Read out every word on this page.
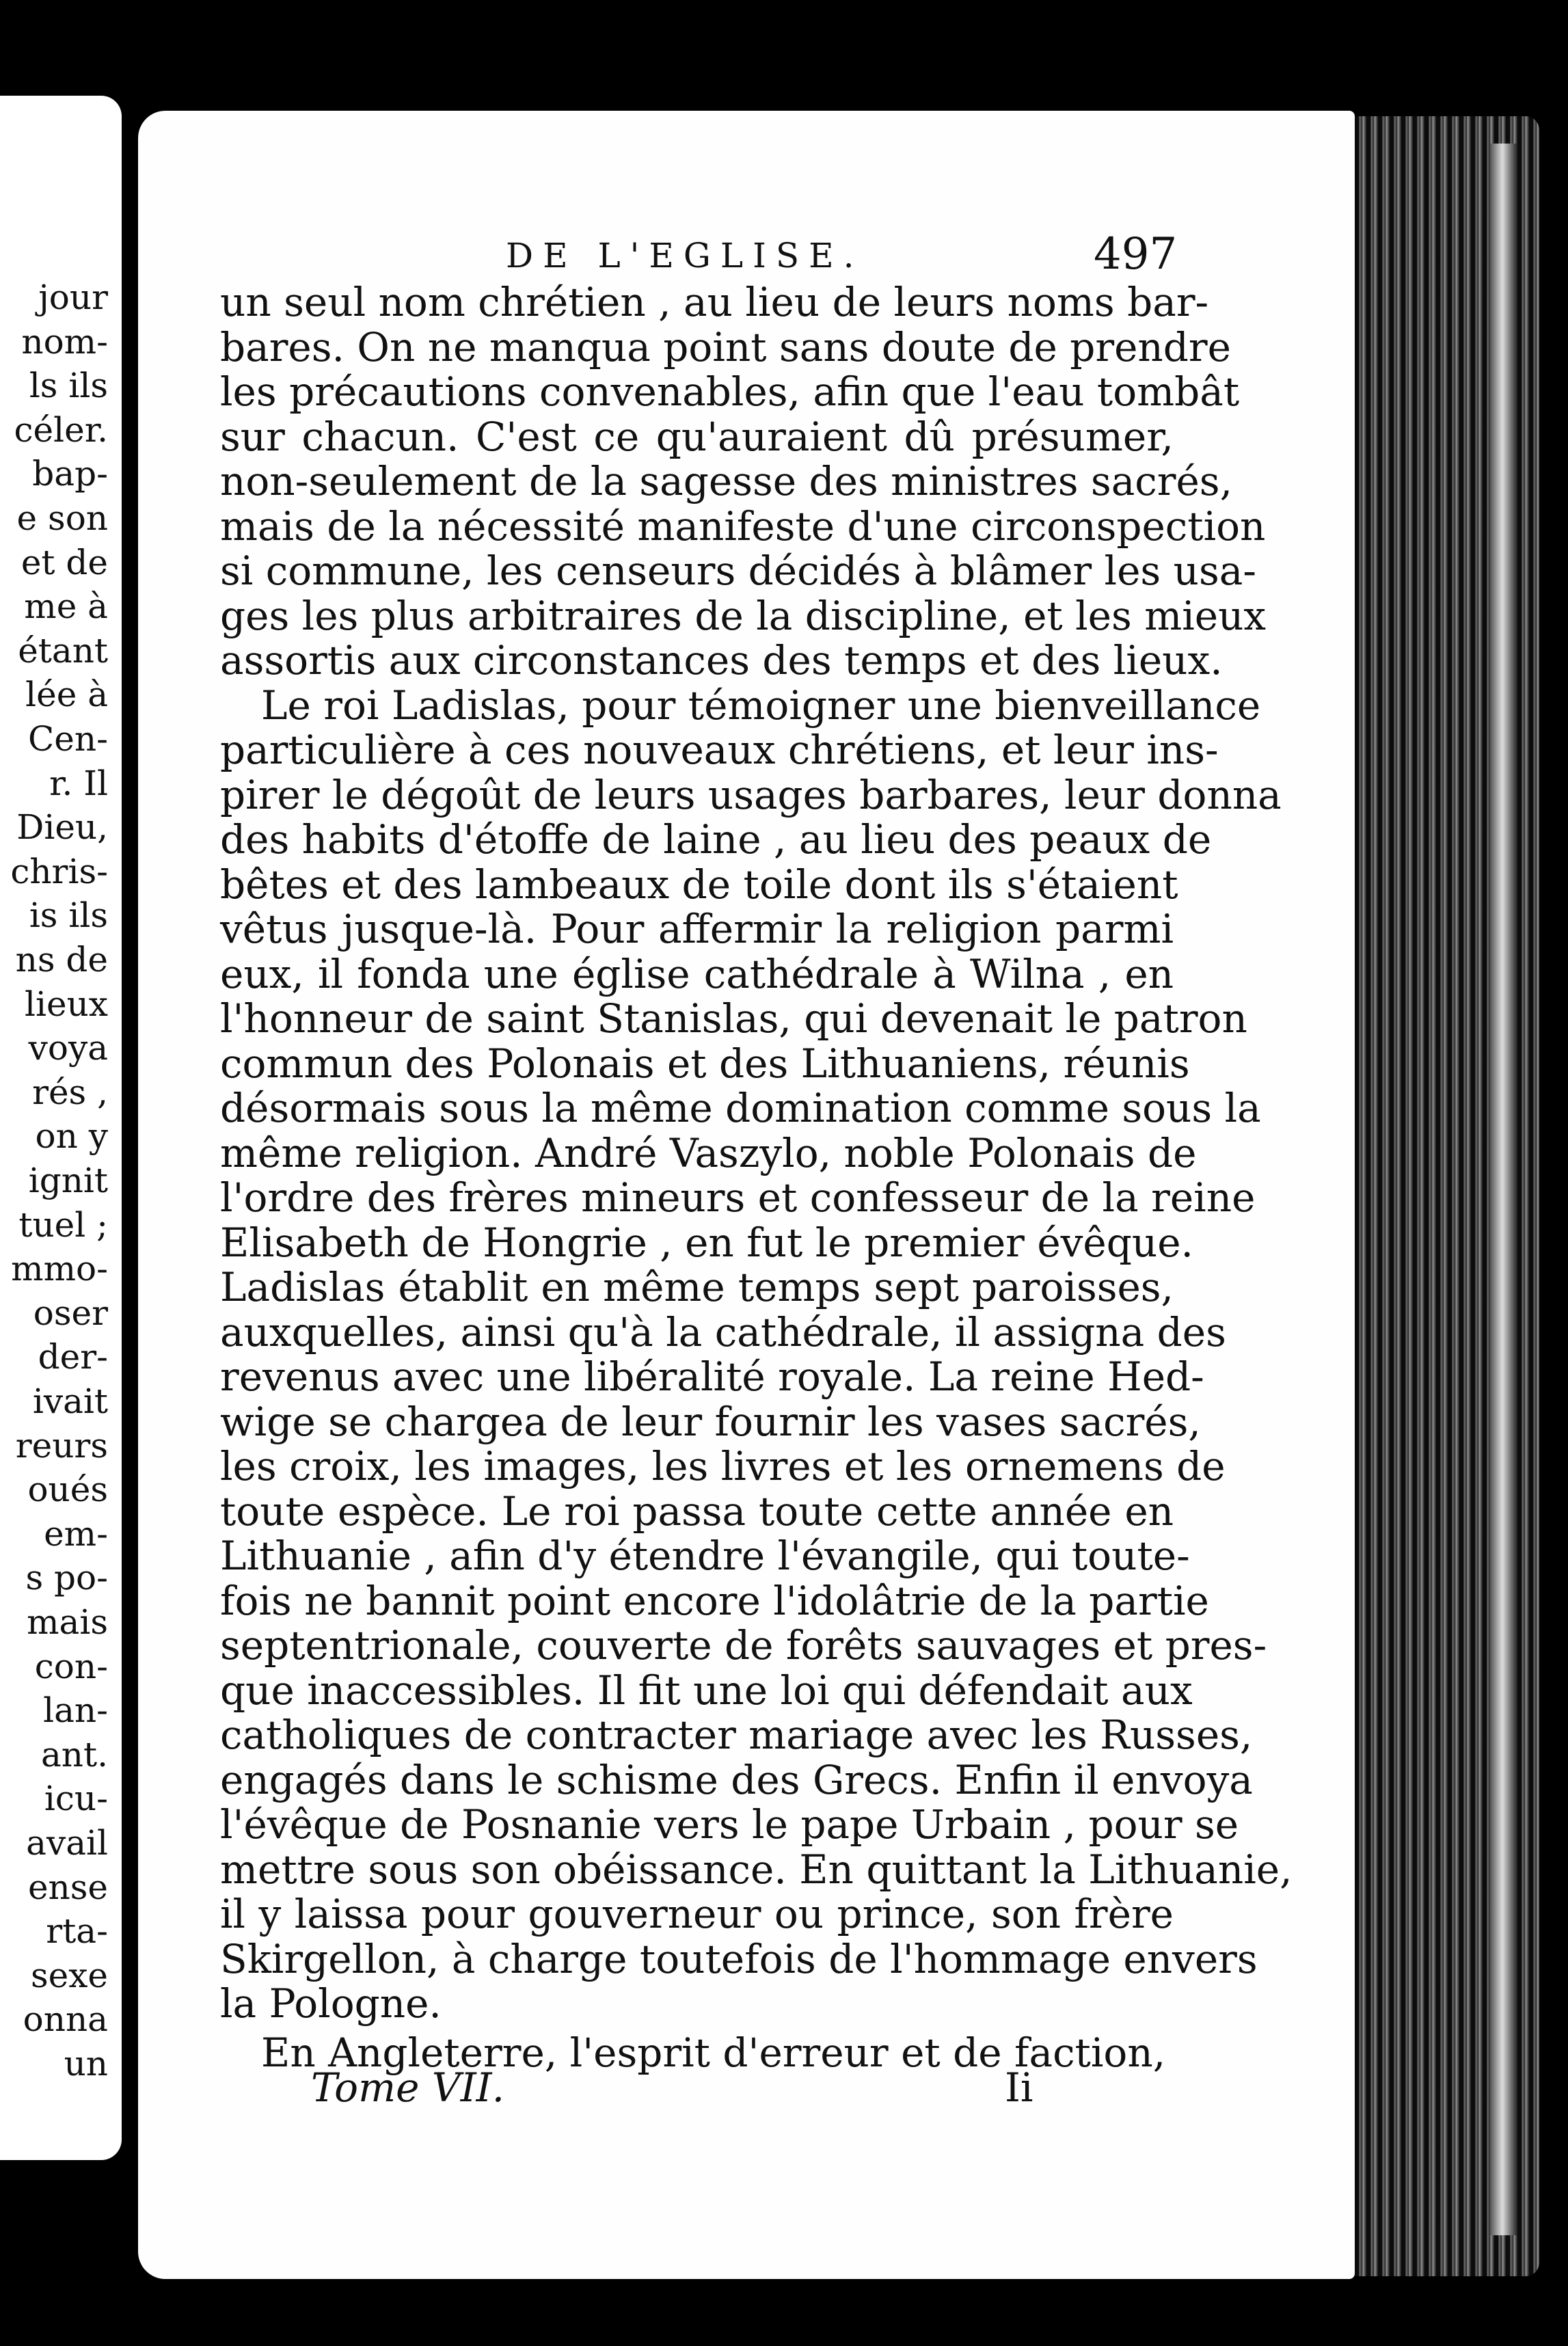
jour
nom-
ls ils
céler.
bap-
e son
et de
me à
étant
lée à
Cen-
r. Il
Dieu,
chris-
is ils
ns de
lieux
voya
rés ,
on y
ignit
tuel ;
mmo-
oser
der-
ivait
reurs
oués
em-
s po-
mais
con-
lan-
ant.
icu-
avail
ense
rta-
sexe
onna
un
DE L'EGLISE.	497
un seul nom chrétien , au lieu de leurs noms bar-
bares. On ne manqua point sans doute de prendre
les précautions convenables, afin que l'eau tombât
sur chacun. C'est ce qu'auraient dû présumer,
non-seulement de la sagesse des ministres sacrés,
mais de la nécessité manifeste d'une circonspection
si commune, les censeurs décidés à blâmer les usa-
ges les plus arbitraires de la discipline, et les mieux
assortis aux circonstances des temps et des lieux.
Le roi Ladislas, pour témoigner une bienveillance
particulière à ces nouveaux chrétiens, et leur ins-
pirer le dégoût de leurs usages barbares, leur donna
des habits d'étoffe de laine , au lieu des peaux de
bêtes et des lambeaux de toile dont ils s'étaient
vêtus jusque-là. Pour affermir la religion parmi
eux, il fonda une église cathédrale à Wilna , en
l'honneur de saint Stanislas, qui devenait le patron
commun des Polonais et des Lithuaniens, réunis
désormais sous la même domination comme sous la
même religion. André Vaszylo, noble Polonais de
l'ordre des frères mineurs et confesseur de la reine
Elisabeth de Hongrie , en fut le premier évêque.
Ladislas établit en même temps sept paroisses,
auxquelles, ainsi qu'à la cathédrale, il assigna des
revenus avec une libéralité royale. La reine Hed-
wige se chargea de leur fournir les vases sacrés,
les croix, les images, les livres et les ornemens de
toute espèce. Le roi passa toute cette année en
Lithuanie , afin d'y étendre l'évangile, qui toute-
fois ne bannit point encore l'idolâtrie de la partie
septentrionale, couverte de forêts sauvages et pres-
que inaccessibles. Il fit une loi qui défendait aux
catholiques de contracter mariage avec les Russes,
engagés dans le schisme des Grecs. Enfin il envoya
l'évêque de Posnanie vers le pape Urbain , pour se
mettre sous son obéissance. En quittant la Lithuanie,
il y laissa pour gouverneur ou prince, son frère
Skirgellon, à charge toutefois de l'hommage envers
la Pologne.
En Angleterre, l'esprit d'erreur et de faction,
Tome VII.	Ii
